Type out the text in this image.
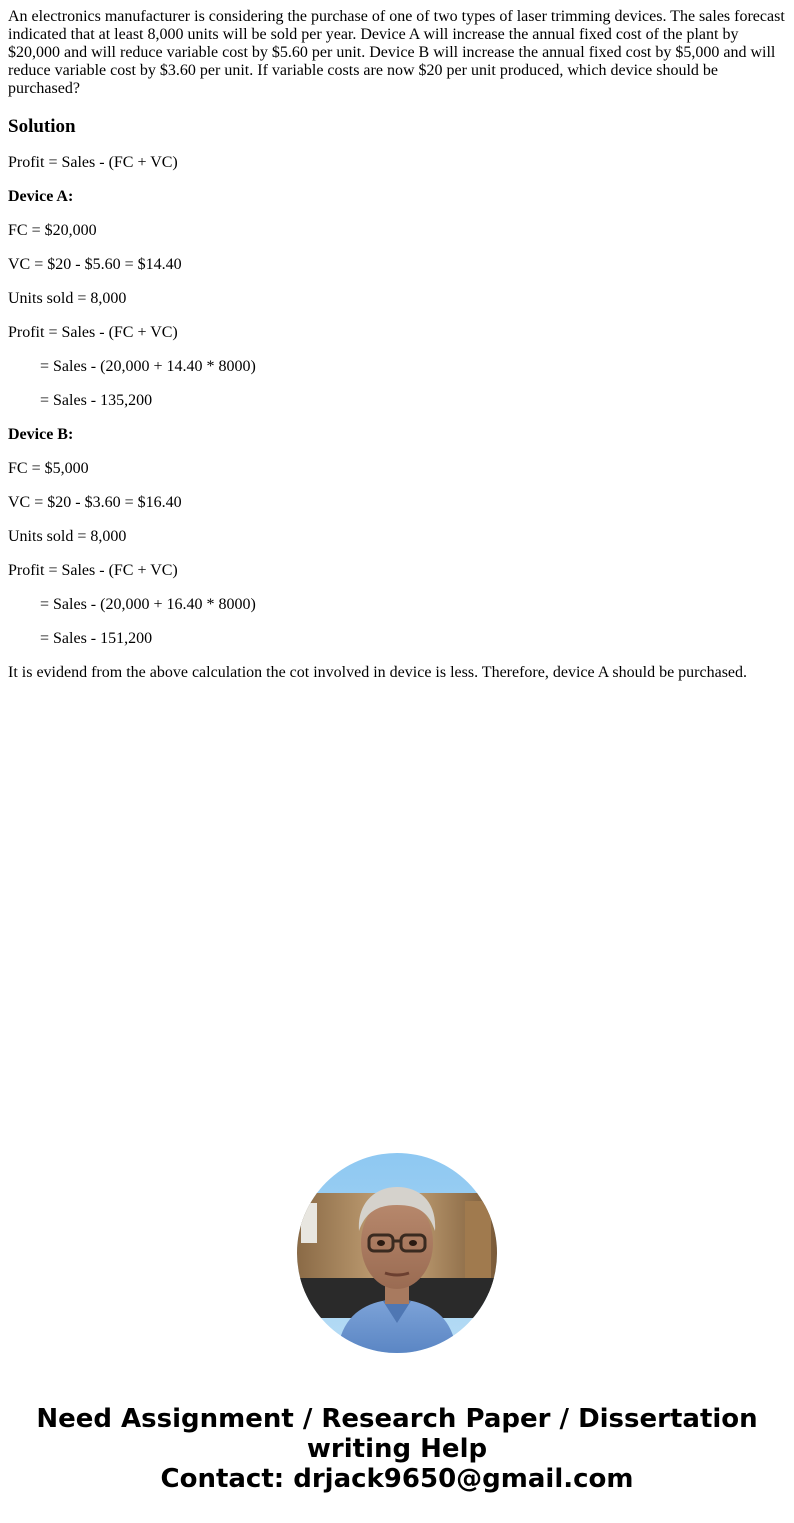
An electronics manufacturer is considering the purchase of one of two types of laser trimming devices. The sales forecast indicated that at least 8,000 units will be sold per year. Device A will increase the annual fixed cost of the plant by $20,000 and will reduce variable cost by $5.60 per unit. Device B will increase the annual fixed cost by $5,000 and will reduce variable cost by $3.60 per unit. If variable costs are now $20 per unit produced, which device should be purchased?

Solution

Profit = Sales - (FC + VC)

Device A:

FC = $20,000

VC = $20 - $5.60 = $14.40

Units sold = 8,000

Profit = Sales - (FC + VC)

= Sales - (20,000 + 14.40 * 8000)

= Sales - 135,200

Device B:

FC = $5,000

VC = $20 - $3.60 = $16.40

Units sold = 8,000

Profit = Sales - (FC + VC)

= Sales - (20,000 + 16.40 * 8000)

= Sales - 151,200

It is evidend from the above calculation the cot involved in device is less. Therefore, device A should be purchased.

Need Assignment / Research Paper / Dissertation
writing Help
Contact: drjack9650@gmail.com
